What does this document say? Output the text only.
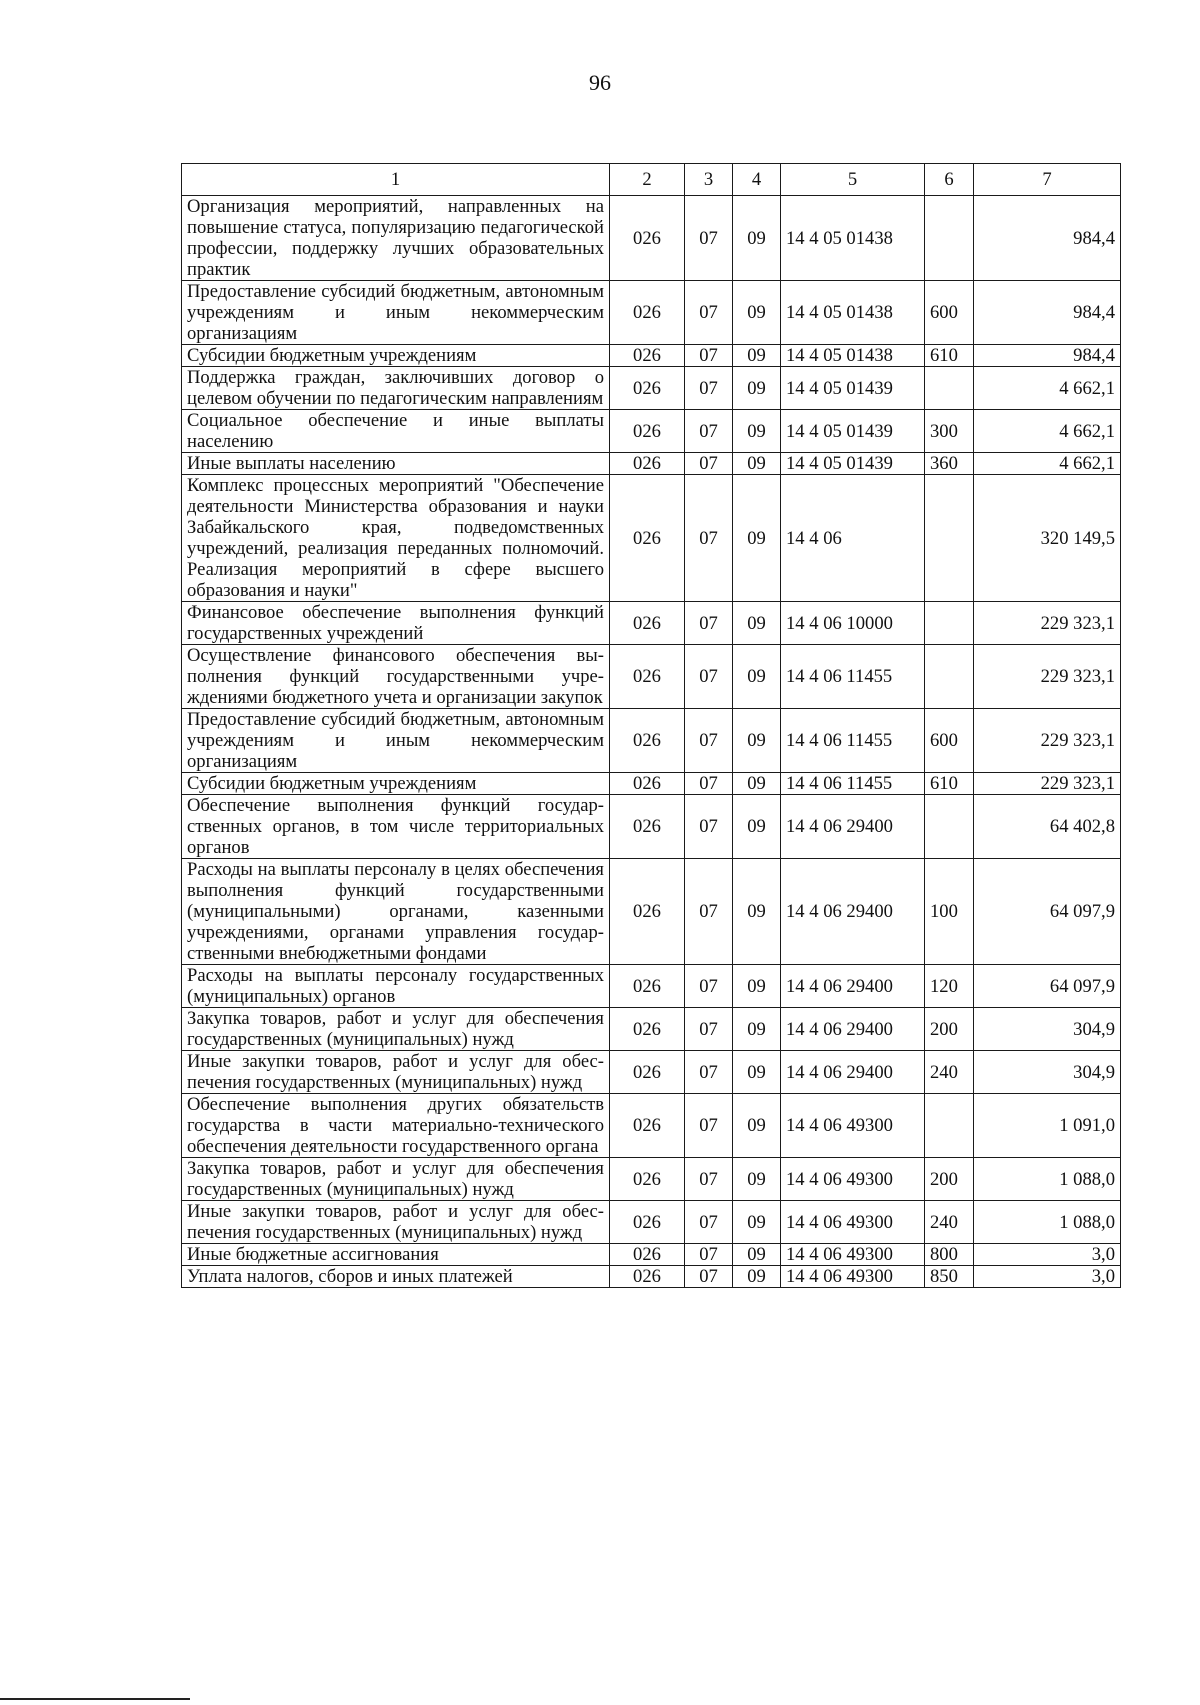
96
1	2	3	4	5	6	7
Организация мероприятий, направленных на повышение статуса, популяризацию педагогической профессии, поддержку лучших образовательных практик	026	07	09	14 4 05 01438		984,4
Предоставление субсидий бюджетным, автономным учреждениям и иным некоммерческим организациям	026	07	09	14 4 05 01438	600	984,4
Субсидии бюджетным учреждениям	026	07	09	14 4 05 01438	610	984,4
Поддержка граждан, заключивших договор о целевом обучении по педагогическим направлениям	026	07	09	14 4 05 01439		4 662,1
Социальное обеспечение и иные выплаты населению	026	07	09	14 4 05 01439	300	4 662,1
Иные выплаты населению	026	07	09	14 4 05 01439	360	4 662,1
Комплекс процессных мероприятий "Обеспечение деятельности Министерства образования и науки Забайкальского края, подведомственных учреждений, реализация переданных полномочий. Реализация мероприятий в сфере высшего образования и науки"	026	07	09	14 4 06		320 149,5
Финансовое обеспечение выполнения функций государственных учреждений	026	07	09	14 4 06 10000		229 323,1
Осуществление финансового обеспечения выполнения функций государственными учреждениями бюджетного учета и организации закупок	026	07	09	14 4 06 11455		229 323,1
Предоставление субсидий бюджетным, автономным учреждениям и иным некоммерческим организациям	026	07	09	14 4 06 11455	600	229 323,1
Субсидии бюджетным учреждениям	026	07	09	14 4 06 11455	610	229 323,1
Обеспечение выполнения функций государственных органов, в том числе территориальных органов	026	07	09	14 4 06 29400		64 402,8
Расходы на выплаты персоналу в целях обеспечения выполнения функций государственными (муниципальными) органами, казенными учреждениями, органами управления государственными внебюджетными фондами	026	07	09	14 4 06 29400	100	64 097,9
Расходы на выплаты персоналу государственных (муниципальных) органов	026	07	09	14 4 06 29400	120	64 097,9
Закупка товаров, работ и услуг для обеспечения государственных (муниципальных) нужд	026	07	09	14 4 06 29400	200	304,9
Иные закупки товаров, работ и услуг для обеспечения государственных (муниципальных) нужд	026	07	09	14 4 06 29400	240	304,9
Обеспечение выполнения других обязательств государства в части материально-технического обеспечения деятельности государственного органа	026	07	09	14 4 06 49300		1 091,0
Закупка товаров, работ и услуг для обеспечения государственных (муниципальных) нужд	026	07	09	14 4 06 49300	200	1 088,0
Иные закупки товаров, работ и услуг для обеспечения государственных (муниципальных) нужд	026	07	09	14 4 06 49300	240	1 088,0
Иные бюджетные ассигнования	026	07	09	14 4 06 49300	800	3,0
Уплата налогов, сборов и иных платежей	026	07	09	14 4 06 49300	850	3,0
